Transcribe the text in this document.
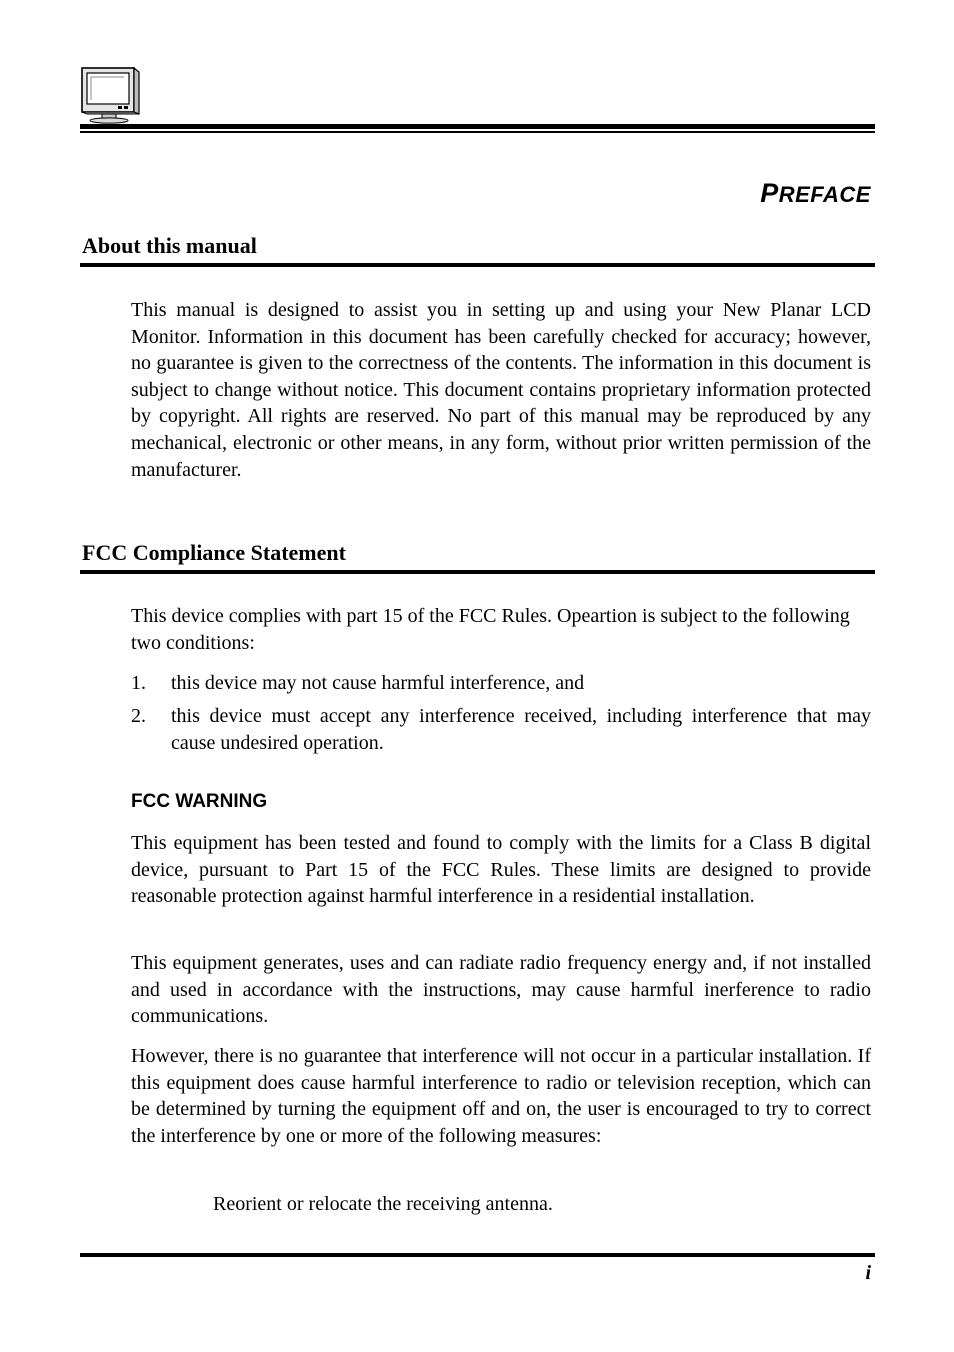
PREFACE
About this manual

This manual is designed to assist you in setting up and using your New Planar LCD Monitor. Information in this document has been carefully checked for accuracy; however, no guarantee is given to the correctness of the contents. The information in this document is subject to change without notice. This document contains proprietary information protected by copyright. All rights are reserved. No part of this manual may be reproduced by any mechanical, electronic or other means, in any form, without prior written permission of the manufacturer.

FCC Compliance Statement

This device complies with part 15 of the FCC Rules. Opeartion is subject to the following two conditions:

1. this device may not cause harmful interference, and
2. this device must accept any interference received, including interference that may cause undesired operation.
FCC WARNING

This equipment has been tested and found to comply with the limits for a Class B digital device, pursuant to Part 15 of the FCC Rules. These limits are designed to provide reasonable protection against harmful interference in a residential installation.

This equipment generates, uses and can radiate radio frequency energy and, if not installed and used in accordance with the instructions, may cause harmful inerference to radio communications.

However, there is no guarantee that interference will not occur in a particular installation. If this equipment does cause harmful interference to radio or television reception, which can be determined by turning the equipment off and on, the user is encouraged to try to correct the interference by one or more of the following measures:

Reorient or relocate the receiving antenna.
i
